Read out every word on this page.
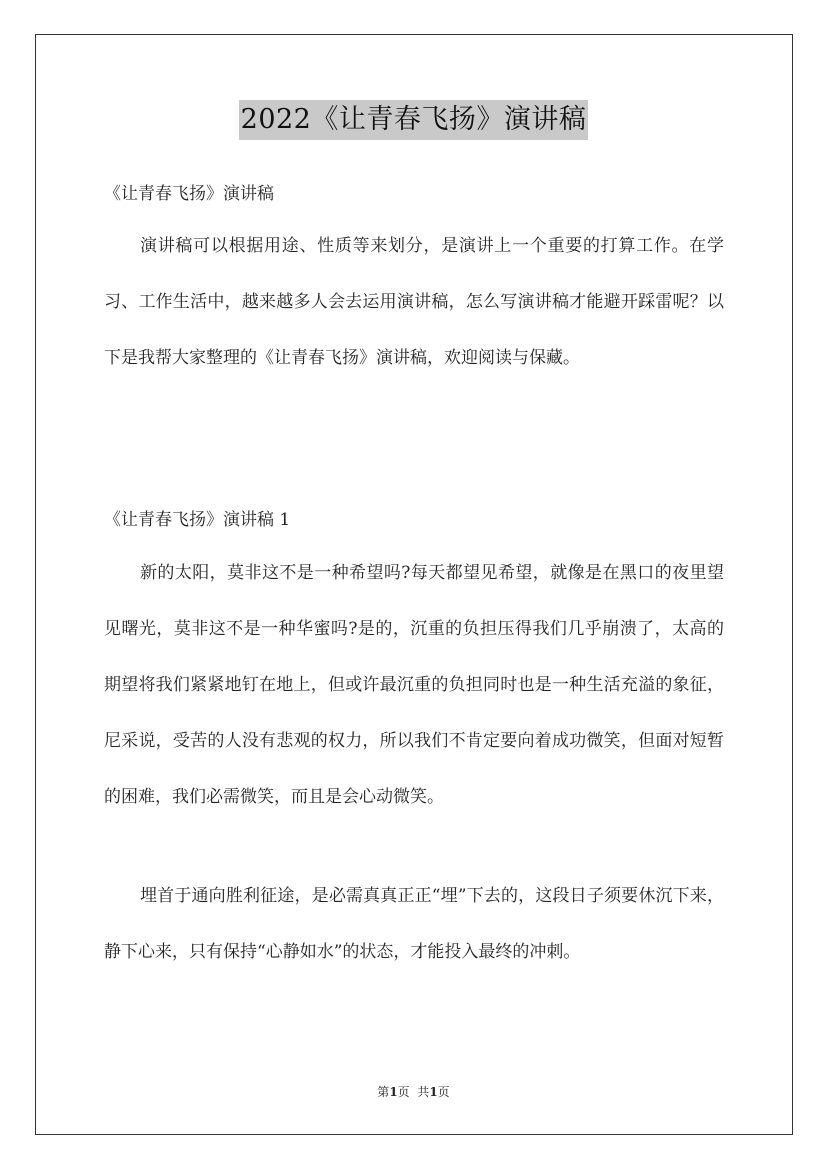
2022《让青春飞扬》演讲稿
《让青春飞扬》演讲稿

演讲稿可以根据用途、性质等来划分，是演讲上一个重要的打算工作。在学习、工作生活中，越来越多人会去运用演讲稿，怎么写演讲稿才能避开踩雷呢？以下是我帮大家整理的《让青春飞扬》演讲稿，欢迎阅读与保藏。

《让青春飞扬》演讲稿 1

新的太阳，莫非这不是一种希望吗?每天都望见希望，就像是在黑口的夜里望见曙光，莫非这不是一种华蜜吗?是的，沉重的负担压得我们几乎崩溃了，太高的期望将我们紧紧地钉在地上，但或许最沉重的负担同时也是一种生活充溢的象征，尼采说，受苦的人没有悲观的权力，所以我们不肯定要向着成功微笑，但面对短暂的困难，我们必需微笑，而且是会心动微笑。

埋首于通向胜利征途，是必需真真正正“埋”下去的，这段日子须要休沉下来，静下心来，只有保持“心静如水”的状态，才能投入最终的冲刺。

第1页  共1页
